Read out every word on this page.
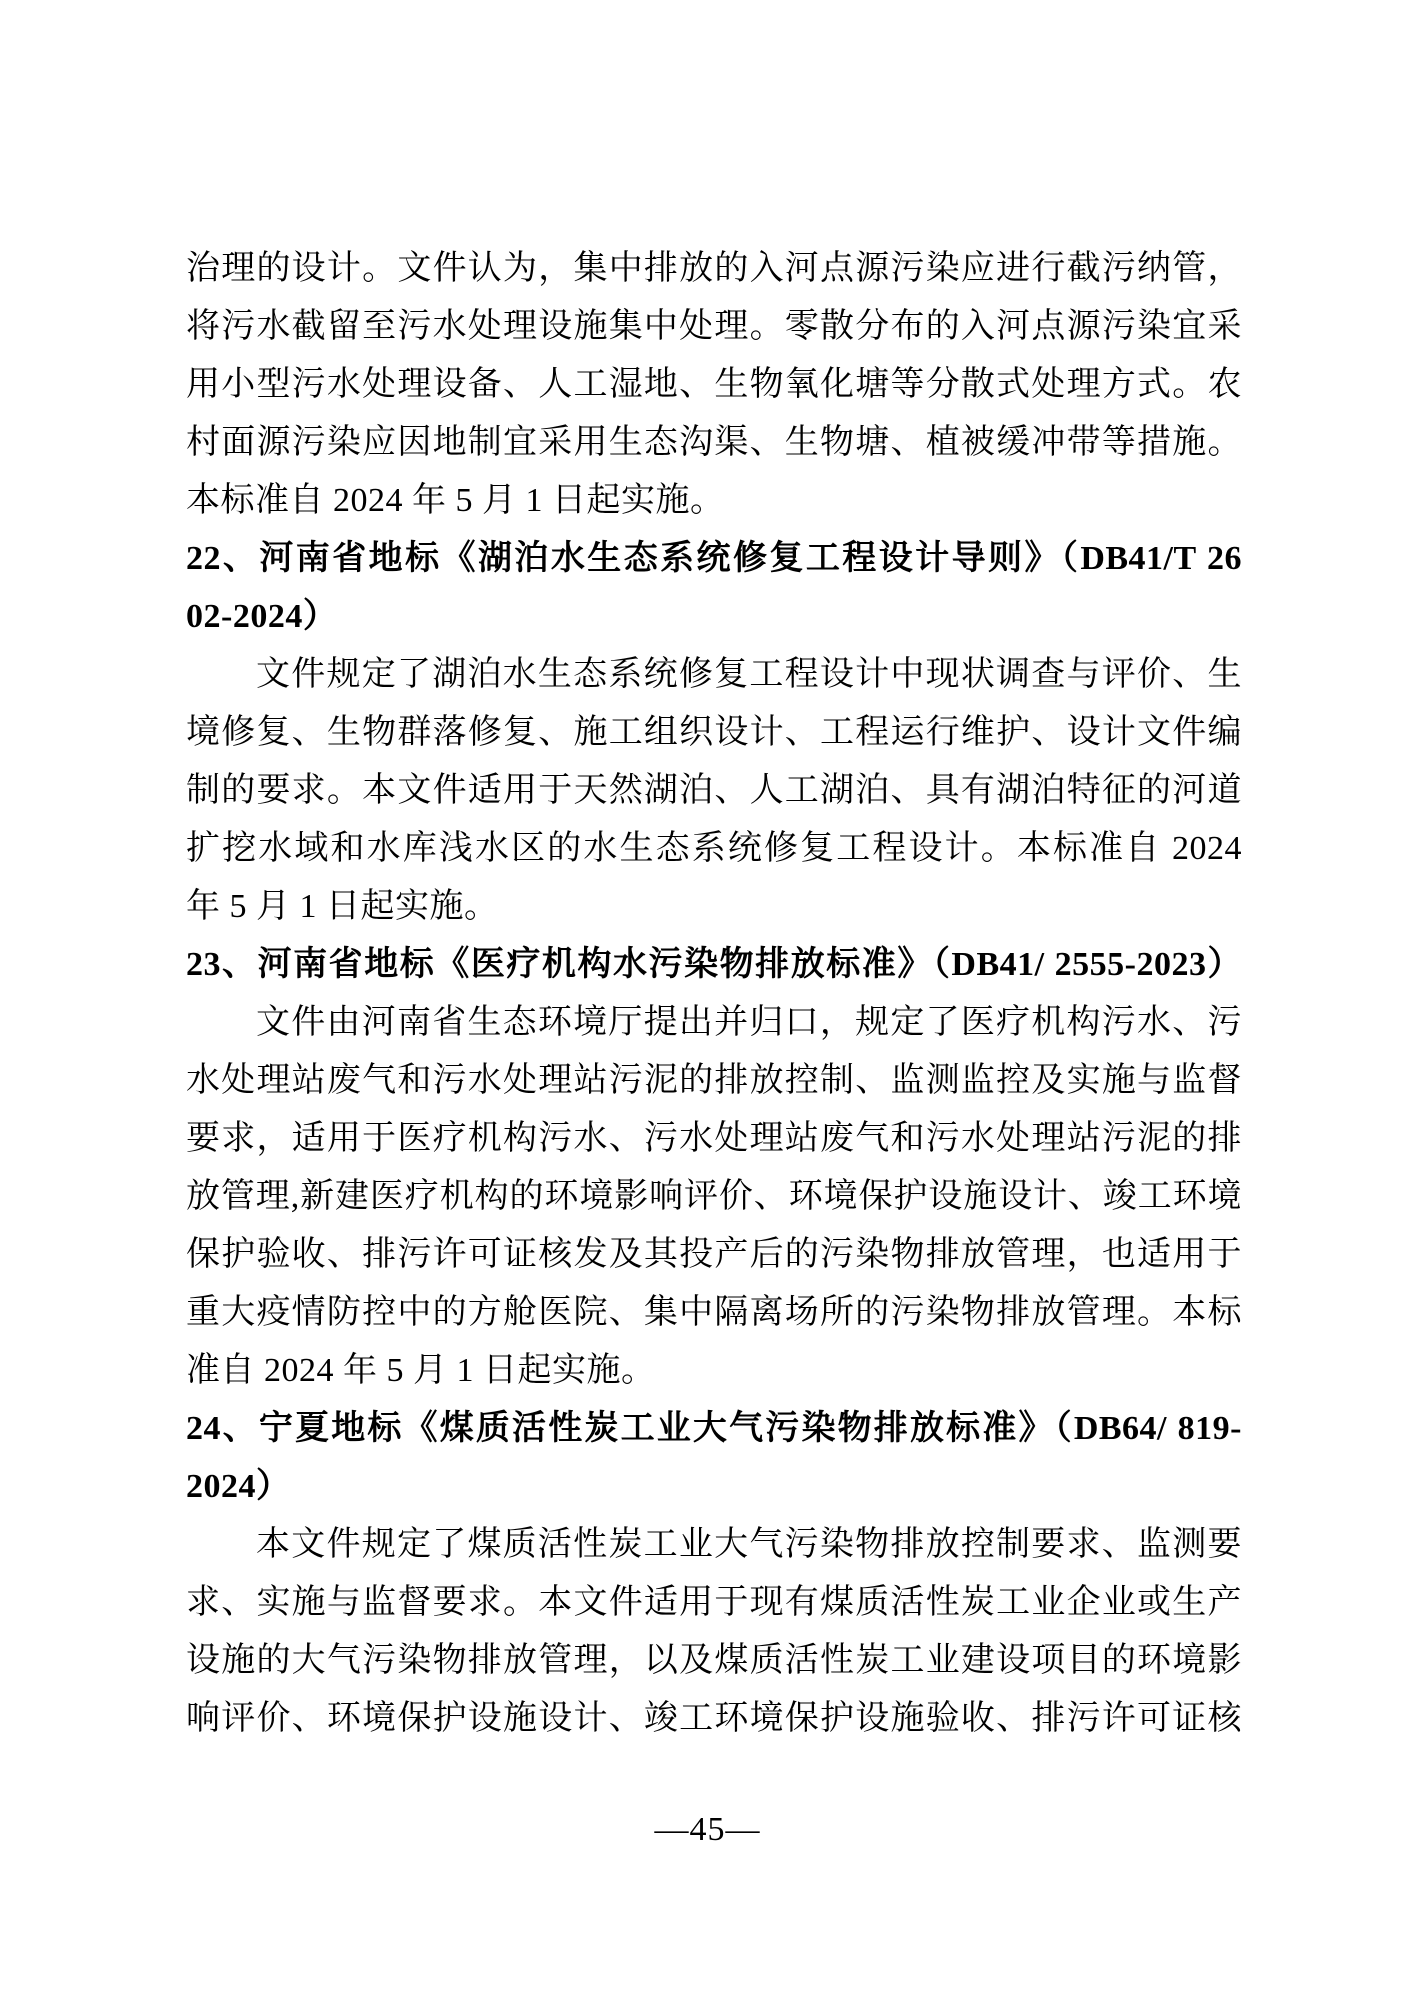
治理的设计。文件认为，集中排放的入河点源污染应进行截污纳管，
将污水截留至污水处理设施集中处理。零散分布的入河点源污染宜采
用小型污水处理设备、人工湿地、生物氧化塘等分散式处理方式。农
村面源污染应因地制宜采用生态沟渠、生物塘、植被缓冲带等措施。
本标准自 2024 年 5 月 1 日起实施。
22、河南省地标《湖泊水生态系统修复工程设计导则》（DB41/T 26
02-2024）
文件规定了湖泊水生态系统修复工程设计中现状调查与评价、生
境修复、生物群落修复、施工组织设计、工程运行维护、设计文件编
制的要求。本文件适用于天然湖泊、人工湖泊、具有湖泊特征的河道
扩挖水域和水库浅水区的水生态系统修复工程设计。本标准自 2024
年 5 月 1 日起实施。
23、河南省地标《医疗机构水污染物排放标准》（DB41/ 2555-2023）
文件由河南省生态环境厅提出并归口，规定了医疗机构污水、污
水处理站废气和污水处理站污泥的排放控制、监测监控及实施与监督
要求，适用于医疗机构污水、污水处理站废气和污水处理站污泥的排
放管理,新建医疗机构的环境影响评价、环境保护设施设计、竣工环境
保护验收、排污许可证核发及其投产后的污染物排放管理，也适用于
重大疫情防控中的方舱医院、集中隔离场所的污染物排放管理。本标
准自 2024 年 5 月 1 日起实施。
24、宁夏地标《煤质活性炭工业大气污染物排放标准》（DB64/ 819-
2024）
本文件规定了煤质活性炭工业大气污染物排放控制要求、监测要
求、实施与监督要求。本文件适用于现有煤质活性炭工业企业或生产
设施的大气污染物排放管理，以及煤质活性炭工业建设项目的环境影
响评价、环境保护设施设计、竣工环境保护设施验收、排污许可证核
—45—
